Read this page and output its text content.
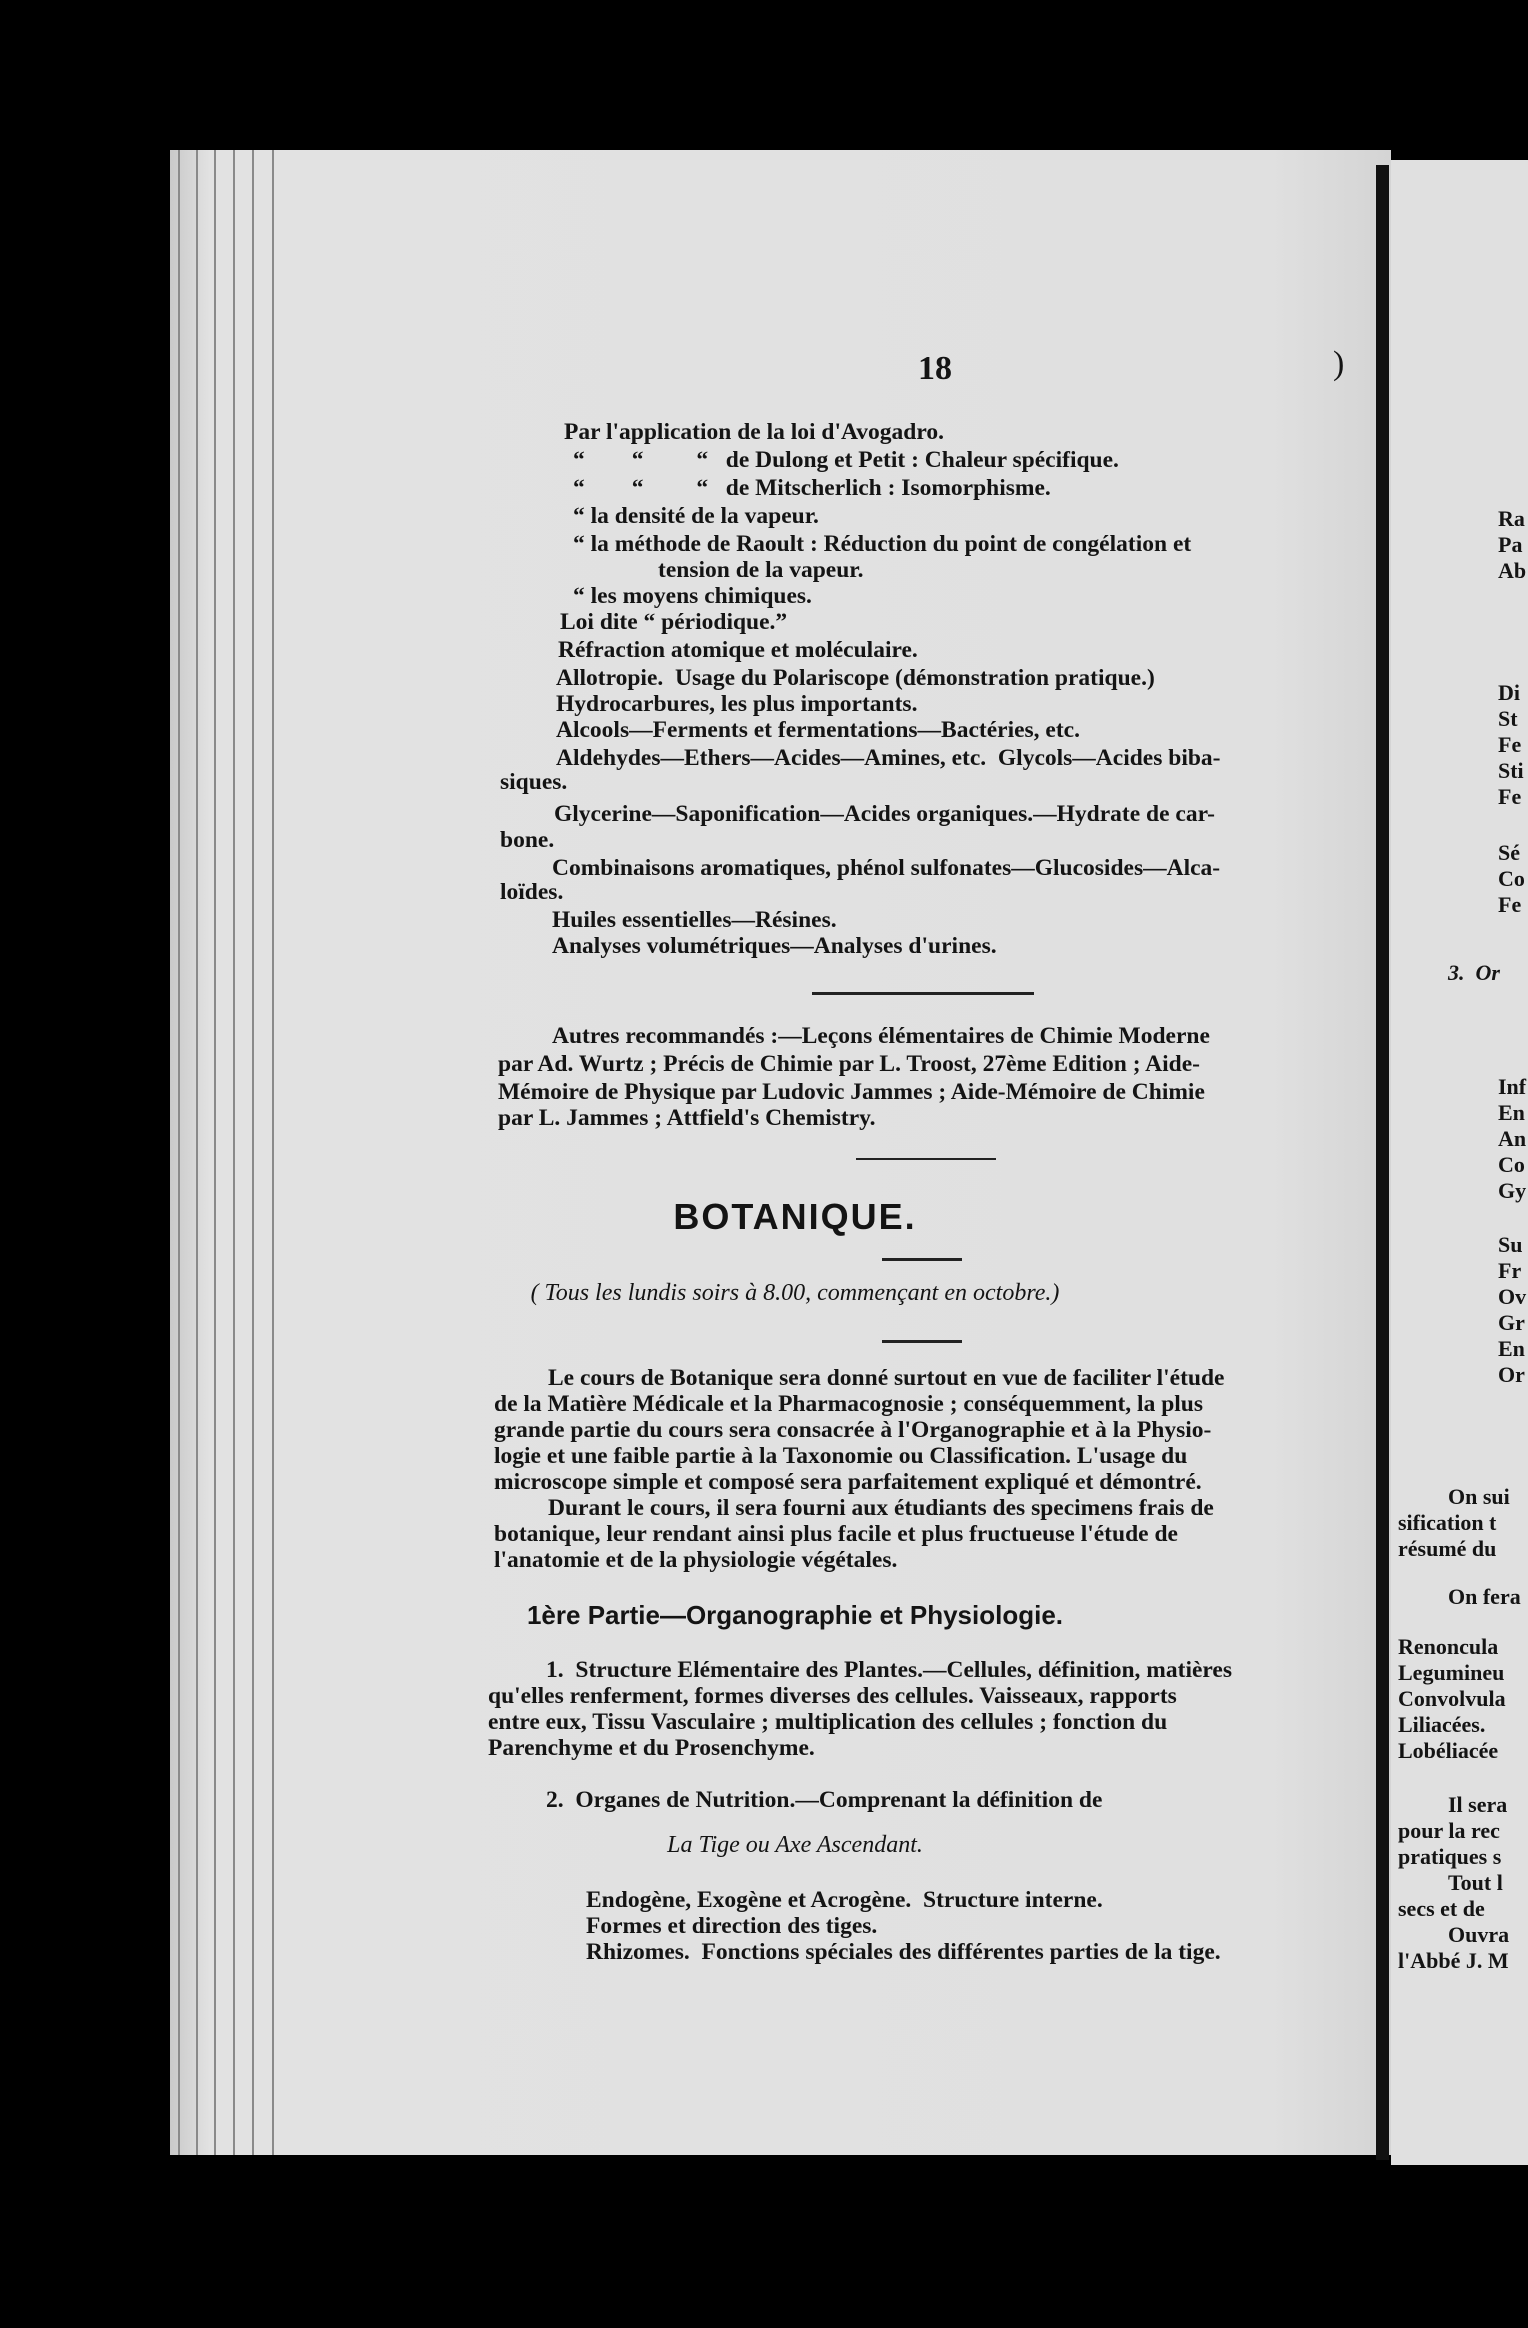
18	)
Par l'application de la loi d'Avogadro.
“        “         “   de Dulong et Petit : Chaleur spécifique.
“        “         “   de Mitscherlich : Isomorphisme.
“ la densité de la vapeur.
“ la méthode de Raoult : Réduction du point de congélation et
tension de la vapeur.
“ les moyens chimiques.
Loi dite “ périodique.”
Réfraction atomique et moléculaire.
Allotropie.  Usage du Polariscope (démonstration pratique.)
Hydrocarbures, les plus importants.
Alcools—Ferments et fermentations—Bactéries, etc.
Aldehydes—Ethers—Acides—Amines, etc.  Glycols—Acides biba-
siques.
Glycerine—Saponification—Acides organiques.—Hydrate de car-
bone.
Combinaisons aromatiques, phénol sulfonates—Glucosides—Alca-
loïdes.
Huiles essentielles—Résines.
Analyses volumétriques—Analyses d'urines.
Autres recommandés :—Leçons élémentaires de Chimie Moderne
par Ad. Wurtz ; Précis de Chimie par L. Troost, 27ème Edition ; Aide-
Mémoire de Physique par Ludovic Jammes ; Aide-Mémoire de Chimie
par L. Jammes ; Attfield's Chemistry.
BOTANIQUE.
( Tous les lundis soirs à 8.00, commençant en octobre.)
Le cours de Botanique sera donné surtout en vue de faciliter l'étude
de la Matière Médicale et la Pharmacognosie ; conséquemment, la plus
grande partie du cours sera consacrée à l'Organographie et à la Physio-
logie et une faible partie à la Taxonomie ou Classification. L'usage du
microscope simple et composé sera parfaitement expliqué et démontré.
Durant le cours, il sera fourni aux étudiants des specimens frais de
botanique, leur rendant ainsi plus facile et plus fructueuse l'étude de
l'anatomie et de la physiologie végétales.
1ère Partie—Organographie et Physiologie.
1.  Structure Elémentaire des Plantes.—Cellules, définition, matières
qu'elles renferment, formes diverses des cellules. Vaisseaux, rapports
entre eux, Tissu Vasculaire ; multiplication des cellules ; fonction du
Parenchyme et du Prosenchyme.
2.  Organes de Nutrition.—Comprenant la définition de
La Tige ou Axe Ascendant.
Endogène, Exogène et Acrogène.  Structure interne.
Formes et direction des tiges.
Rhizomes.  Fonctions spéciales des différentes parties de la tige.
Ra
Pa
Ab
Di
St
Fe
Sti
Fe
Sé
Co
Fe
3.  Or
Inf
En
An
Co
Gy
Su
Fr
Ov
Gr
En
Or
On sui
sification t
résumé du
On fera
Renoncula
Legumineu
Convolvula
Liliacées.
Lobéliacée
Il sera
pour la rec
pratiques s
Tout l
secs et de
Ouvra
l'Abbé J. M
